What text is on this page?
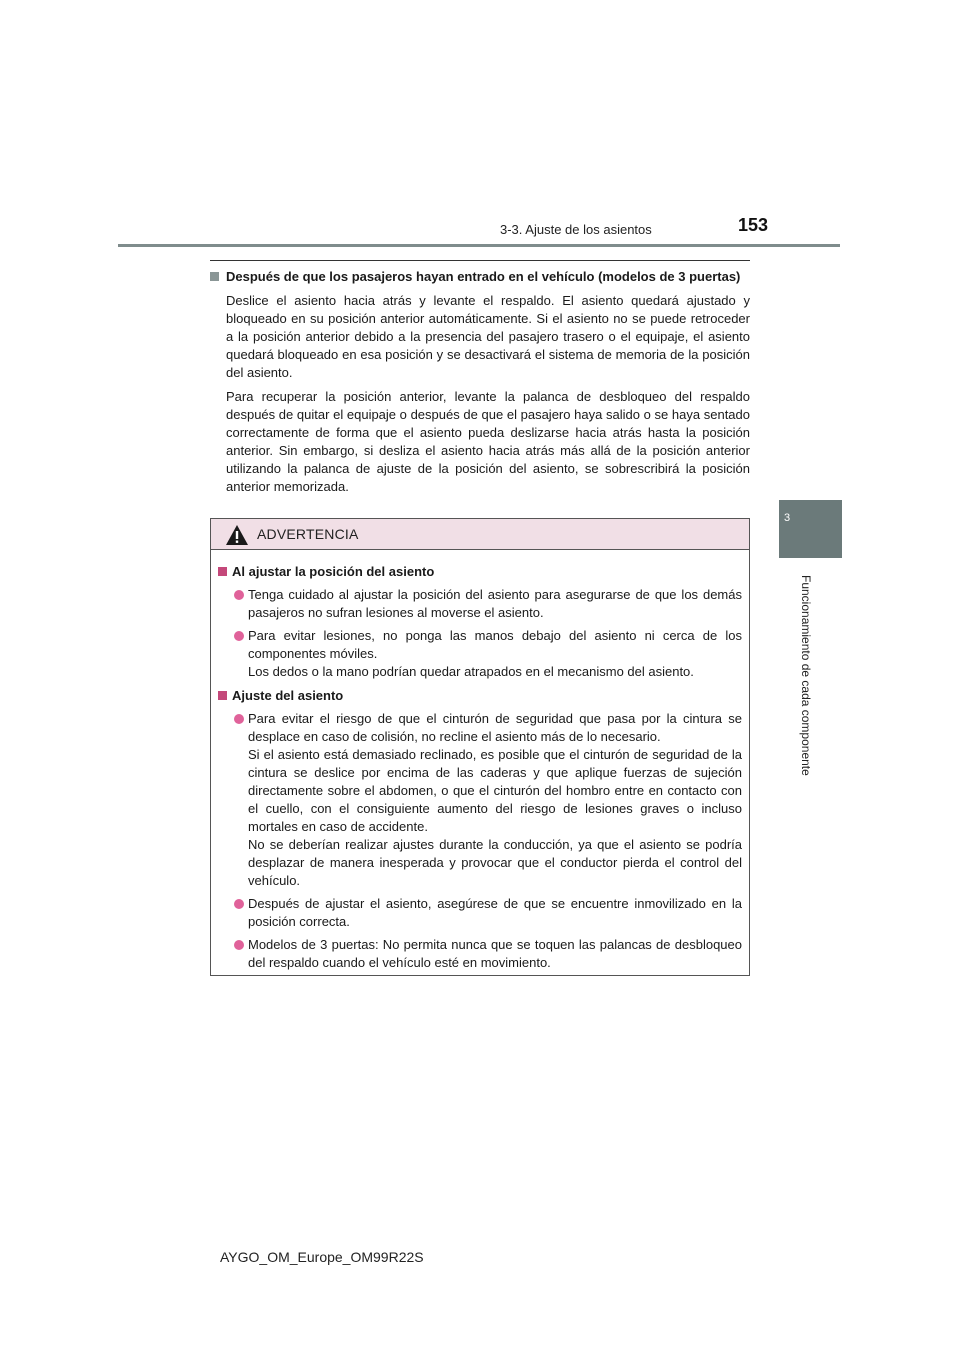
3-3. Ajuste de los asientos	153
3
Funcionamiento de cada componente
Después de que los pasajeros hayan entrado en el vehículo (modelos de 3 puertas)
Deslice el asiento hacia atrás y levante el respaldo. El asiento quedará ajustado y bloqueado en su posición anterior automáticamente. Si el asiento no se puede retroceder a la posición anterior debido a la presencia del pasajero trasero o el equipaje, el asiento quedará bloqueado en esa posición y se desactivará el sistema de memoria de la posición del asiento.
Para recuperar la posición anterior, levante la palanca de desbloqueo del respaldo después de quitar el equipaje o después de que el pasajero haya salido o se haya sentado correctamente de forma que el asiento pueda deslizarse hacia atrás hasta la posición anterior. Sin embargo, si desliza el asiento hacia atrás más allá de la posición anterior utilizando la palanca de ajuste de la posición del asiento, se sobrescribirá la posición anterior memorizada.
ADVERTENCIA
Al ajustar la posición del asiento
Tenga cuidado al ajustar la posición del asiento para asegurarse de que los demás pasajeros no sufran lesiones al moverse el asiento.
Para evitar lesiones, no ponga las manos debajo del asiento ni cerca de los componentes móviles.
Los dedos o la mano podrían quedar atrapados en el mecanismo del asiento.
Ajuste del asiento
Para evitar el riesgo de que el cinturón de seguridad que pasa por la cintura se desplace en caso de colisión, no recline el asiento más de lo necesario.
Si el asiento está demasiado reclinado, es posible que el cinturón de seguridad de la cintura se deslice por encima de las caderas y que aplique fuerzas de sujeción directamente sobre el abdomen, o que el cinturón del hombro entre en contacto con el cuello, con el consiguiente aumento del riesgo de lesiones graves o incluso mortales en caso de accidente.
No se deberían realizar ajustes durante la conducción, ya que el asiento se podría desplazar de manera inesperada y provocar que el conductor pierda el control del vehículo.
Después de ajustar el asiento, asegúrese de que se encuentre inmovilizado en la posición correcta.
Modelos de 3 puertas: No permita nunca que se toquen las palancas de desbloqueo del respaldo cuando el vehículo esté en movimiento.
AYGO_OM_Europe_OM99R22S
